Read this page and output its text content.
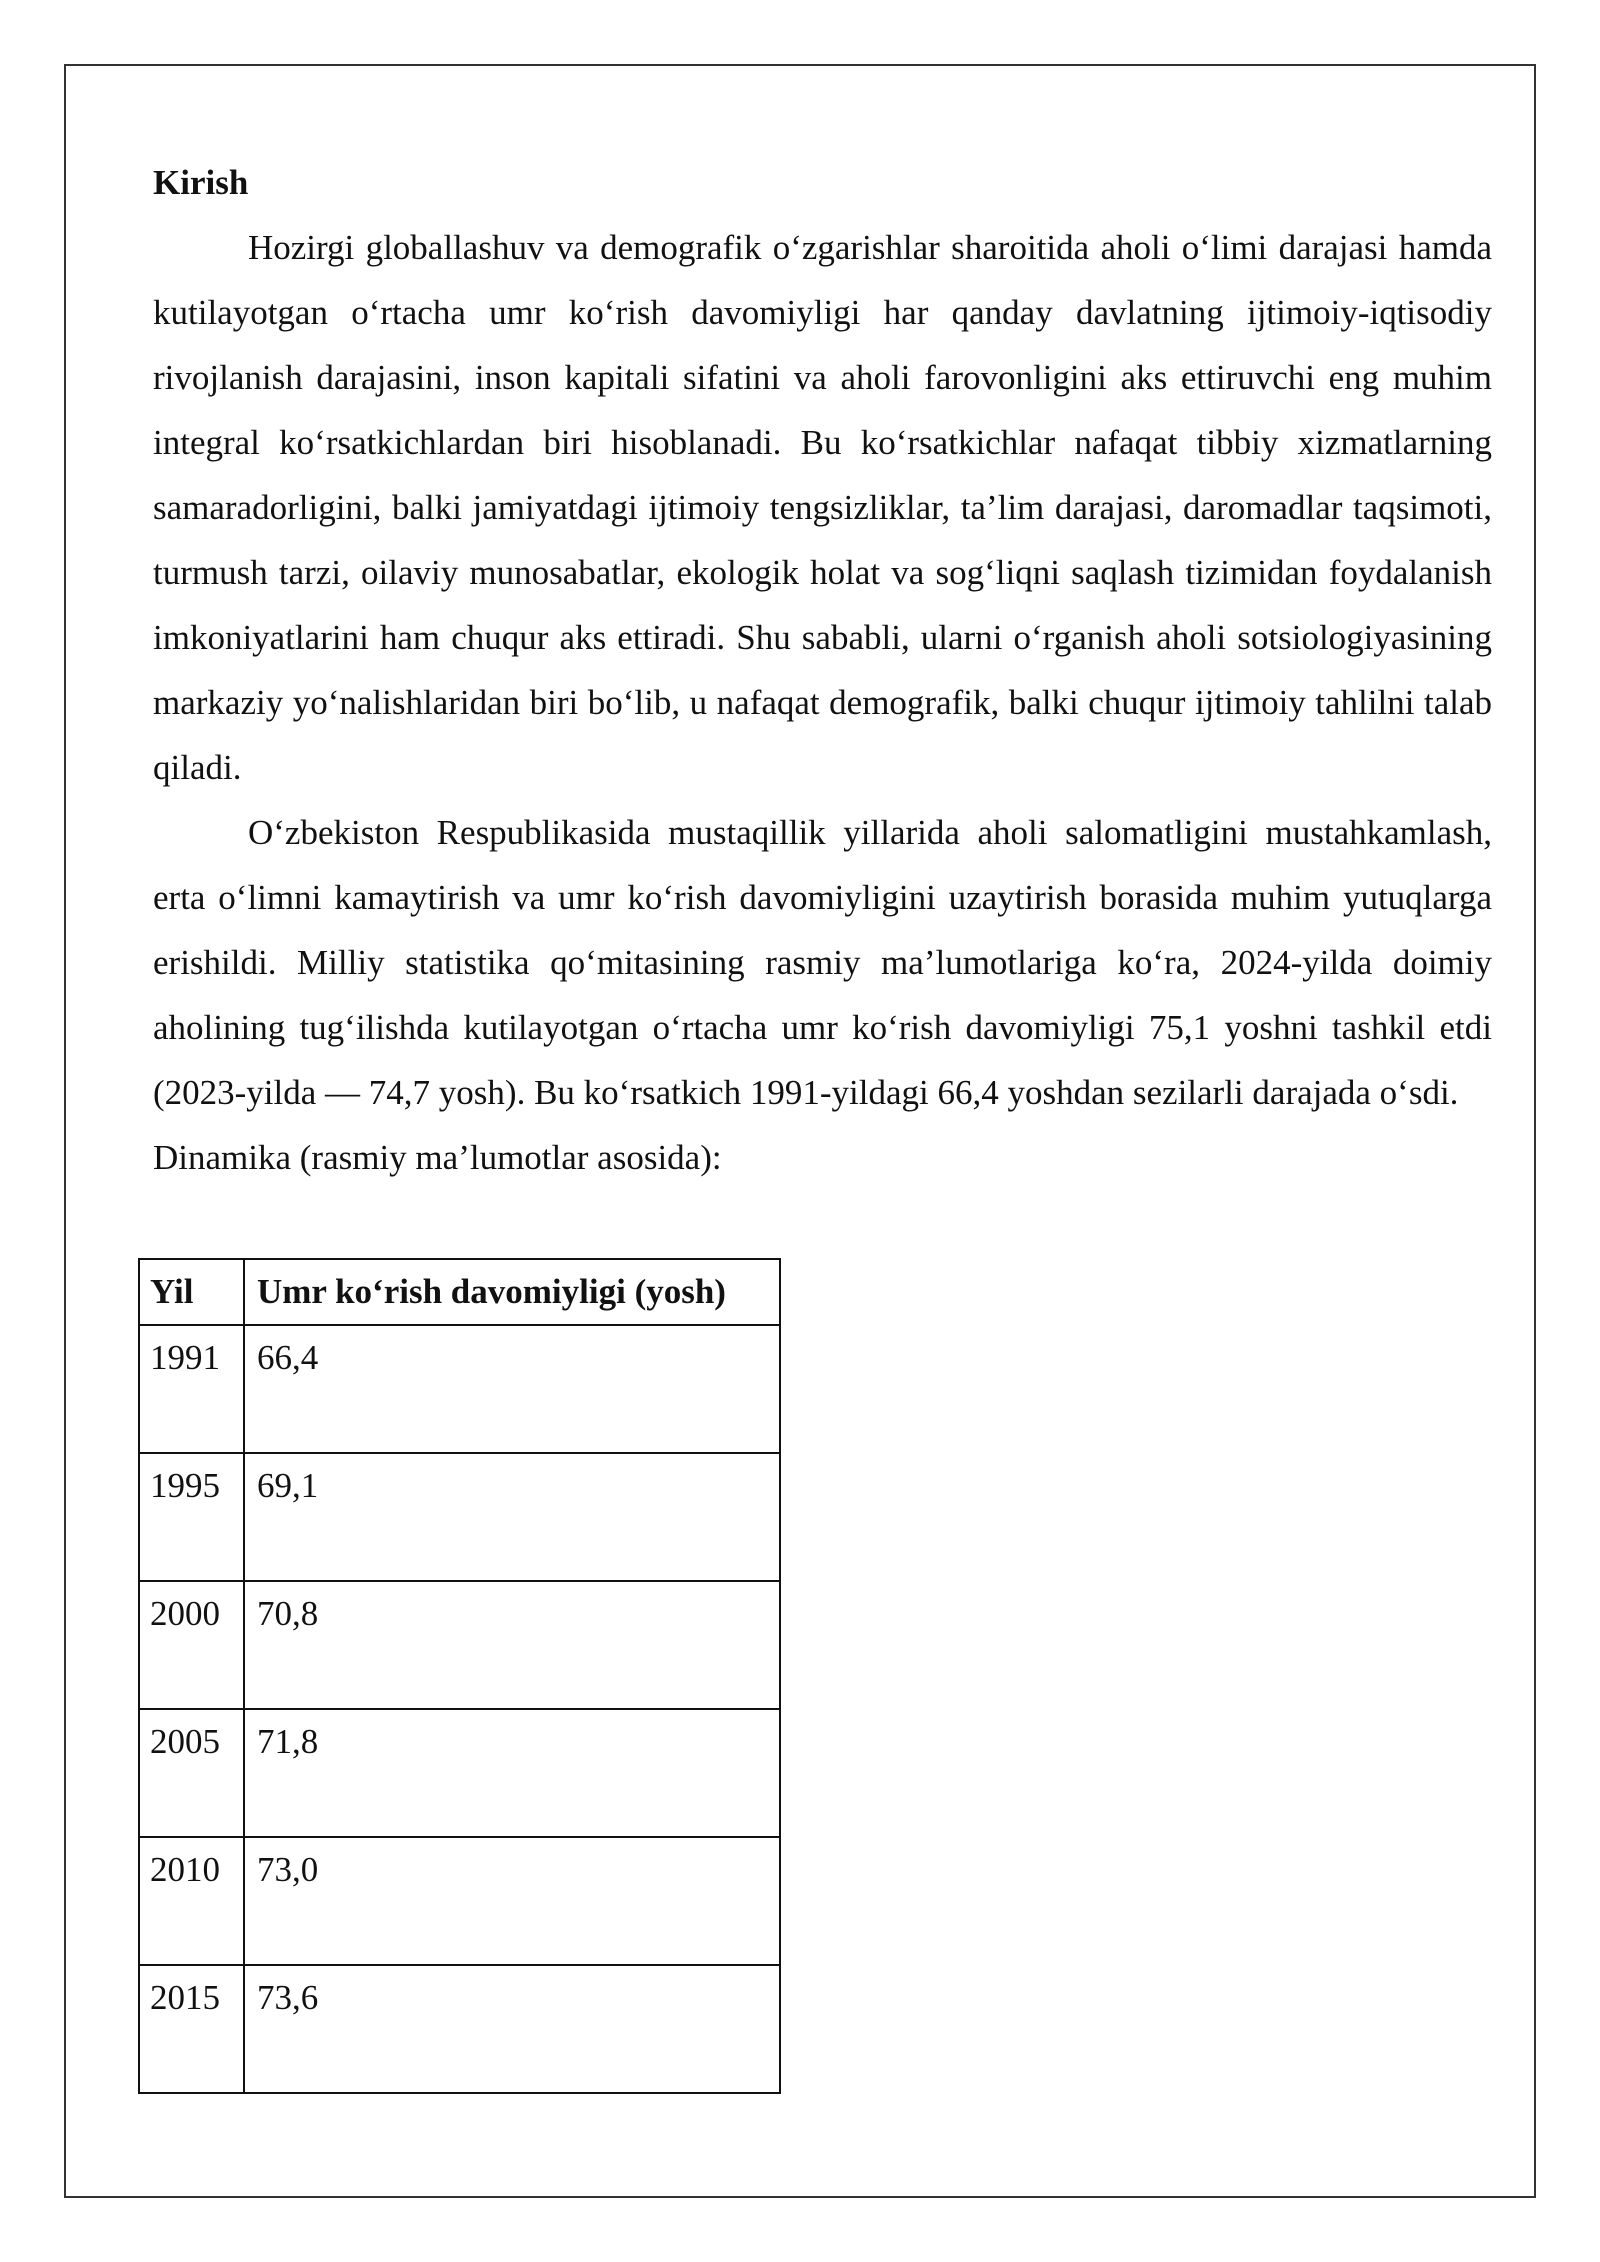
Kirish

Hozirgi globallashuv va demografik o‘zgarishlar sharoitida aholi o‘limi darajasi hamda kutilayotgan o‘rtacha umr ko‘rish davomiyligi har qanday davlatning ijtimoiy-iqtisodiy rivojlanish darajasini, inson kapitali sifatini va aholi farovonligini aks ettiruvchi eng muhim integral ko‘rsatkichlardan biri hisoblanadi. Bu ko‘rsatkichlar nafaqat tibbiy xizmatlarning samaradorligini, balki jamiyatdagi ijtimoiy tengsizliklar, ta’lim darajasi, daromadlar taqsimoti, turmush tarzi, oilaviy munosabatlar, ekologik holat va sog‘liqni saqlash tizimidan foydalanish imkoniyatlarini ham chuqur aks ettiradi. Shu sababli, ularni o‘rganish aholi sotsiologiyasining markaziy yo‘nalishlaridan biri bo‘lib, u nafaqat demografik, balki chuqur ijtimoiy tahlilni talab qiladi.

O‘zbekiston Respublikasida mustaqillik yillarida aholi salomatligini mustahkamlash, erta o‘limni kamaytirish va umr ko‘rish davomiyligini uzaytirish borasida muhim yutuqlarga erishildi. Milliy statistika qo‘mitasining rasmiy ma’lumotlariga ko‘ra, 2024-yilda doimiy aholining tug‘ilishda kutilayotgan o‘rtacha umr ko‘rish davomiyligi 75,1 yoshni tashkil etdi (2023-yilda — 74,7 yosh). Bu ko‘rsatkich 1991-yildagi 66,4 yoshdan sezilarli darajada o‘sdi.

Dinamika (rasmiy ma’lumotlar asosida):

Yil	Umr ko‘rish davomiyligi (yosh)
1991	66,4
1995	69,1
2000	70,8
2005	71,8
2010	73,0
2015	73,6
